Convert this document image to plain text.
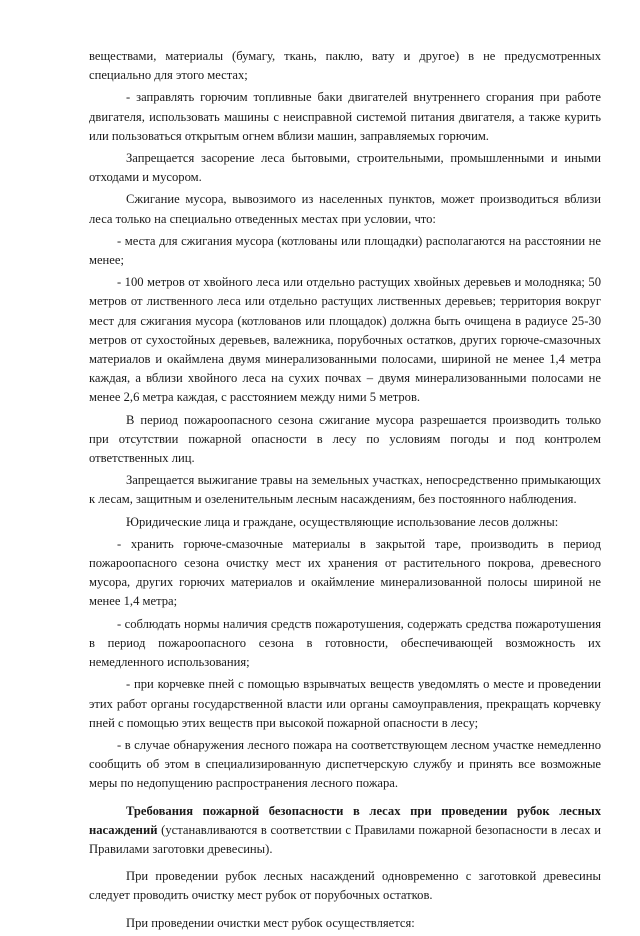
веществами, материалы (бумагу, ткань, паклю, вату и другое) в не предусмотренных специально для этого местах;

- заправлять горючим топливные баки двигателей внутреннего сгорания при работе двигателя, использовать машины с неисправной системой питания двигателя, а также курить или пользоваться открытым огнем вблизи машин, заправляемых горючим.

Запрещается засорение леса бытовыми, строительными, промышленными и иными отходами и мусором.

Сжигание мусора, вывозимого из населенных пунктов, может производиться вблизи леса только на специально отведенных местах при условии, что:

- места для сжигания мусора (котлованы или площадки) располагаются на расстоянии не менее;

- 100 метров от хвойного леса или отдельно растущих хвойных деревьев и молодняка; 50 метров от лиственного леса или отдельно растущих лиственных деревьев; территория вокруг мест для сжигания мусора (котлованов или площадок) должна быть очищена в радиусе 25-30 метров от сухостойных деревьев, валежника, порубочных остатков, других горюче-смазочных материалов и окаймлена двумя минерализованными полосами, шириной не менее 1,4 метра каждая, а вблизи хвойного леса на сухих почвах – двумя минерализованными полосами не менее 2,6 метра каждая, с расстоянием между ними 5 метров.

В период пожароопасного сезона сжигание мусора разрешается производить только при отсутствии пожарной опасности в лесу по условиям погоды и под контролем ответственных лиц.

Запрещается выжигание травы на земельных участках, непосредственно примыкающих к лесам, защитным и озеленительным лесным насаждениям, без постоянного наблюдения.

Юридические лица и граждане, осуществляющие использование лесов должны:

- хранить горюче-смазочные материалы в закрытой таре, производить в период пожароопасного сезона очистку мест их хранения от растительного покрова, древесного мусора, других горючих материалов и окаймление минерализованной полосы шириной не менее 1,4 метра;

- соблюдать нормы наличия средств пожаротушения, содержать средства пожаротушения в период пожароопасного сезона в готовности, обеспечивающей возможность их немедленного использования;

- при корчевке пней с помощью взрывчатых веществ уведомлять о месте и проведении этих работ органы государственной власти или органы самоуправления, прекращать корчевку пней с помощью этих веществ при высокой пожарной опасности в лесу;

- в случае обнаружения лесного пожара на соответствующем лесном участке немедленно сообщить об этом в специализированную диспетчерскую службу и принять все возможные меры по недопущению распространения лесного пожара.

Требования пожарной безопасности в лесах при проведении рубок лесных насаждений (устанавливаются в соответствии с Правилами пожарной безопасности в лесах и Правилами заготовки древесины).

При проведении рубок лесных насаждений одновременно с заготовкой древесины следует проводить очистку мест рубок от порубочных остатков.

При проведении очистки мест рубок осуществляется:
